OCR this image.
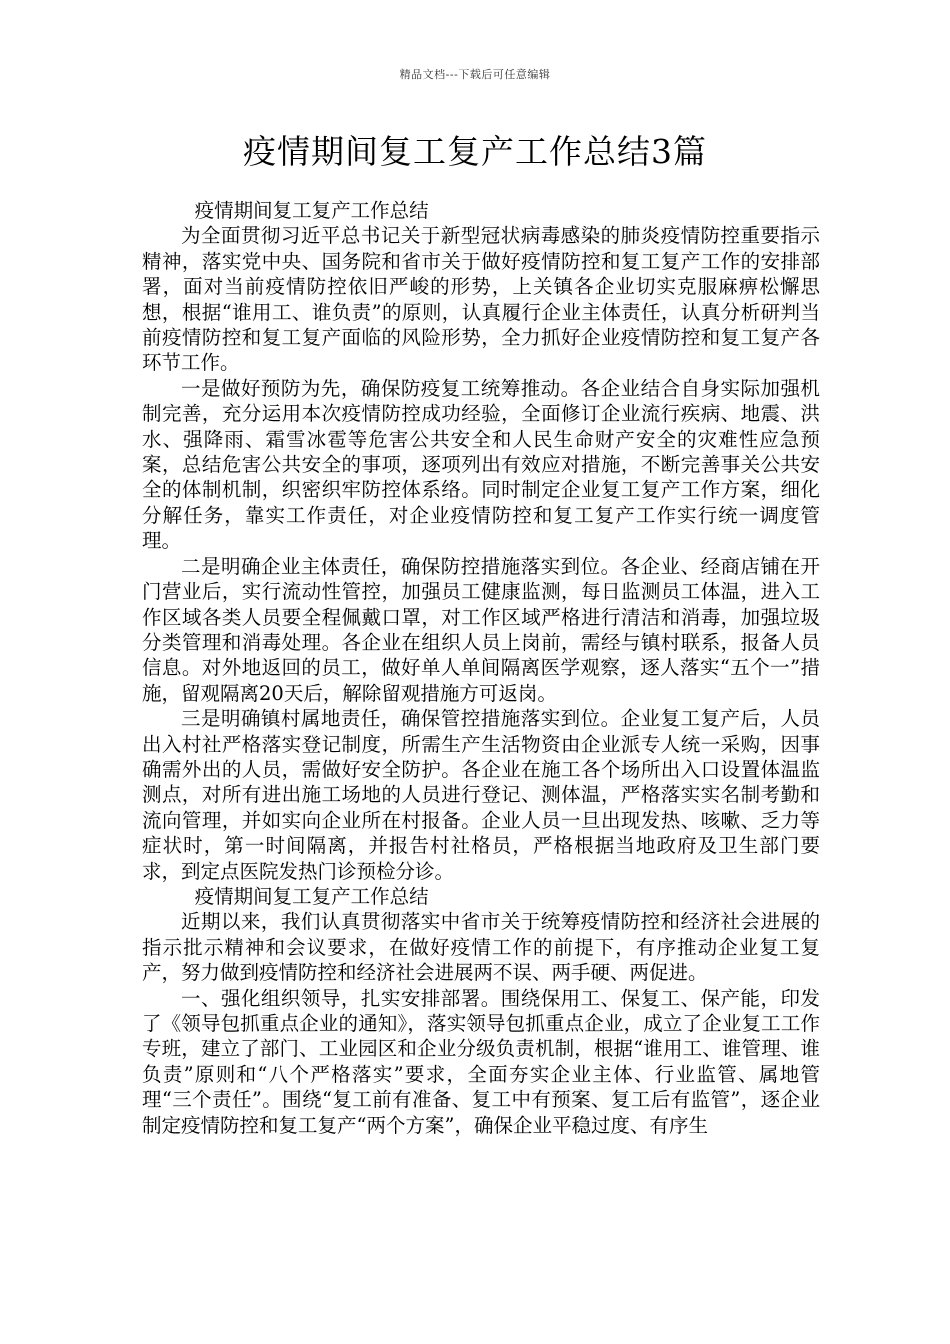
精品文档---下载后可任意编辑
疫情期间复工复产工作总结3篇

疫情期间复工复产工作总结

为全面贯彻习近平总书记关于新型冠状病毒感染的肺炎疫情防控重要指示精神，落实党中央、国务院和省市关于做好疫情防控和复工复产工作的安排部署，面对当前疫情防控依旧严峻的形势，上关镇各企业切实克服麻痹松懈思想，根据“谁用工、谁负责”的原则，认真履行企业主体责任，认真分析研判当前疫情防控和复工复产面临的风险形势，全力抓好企业疫情防控和复工复产各环节工作。

一是做好预防为先，确保防疫复工统筹推动。各企业结合自身实际加强机制完善，充分运用本次疫情防控成功经验，全面修订企业流行疾病、地震、洪水、强降雨、霜雪冰雹等危害公共安全和人民生命财产安全的灾难性应急预案，总结危害公共安全的事项，逐项列出有效应对措施，不断完善事关公共安全的体制机制，织密织牢防控体系络。同时制定企业复工复产工作方案，细化分解任务，靠实工作责任，对企业疫情防控和复工复产工作实行统一调度管理。

二是明确企业主体责任，确保防控措施落实到位。各企业、经商店铺在开门营业后，实行流动性管控，加强员工健康监测，每日监测员工体温，进入工作区域各类人员要全程佩戴口罩，对工作区域严格进行清洁和消毒，加强垃圾分类管理和消毒处理。各企业在组织人员上岗前，需经与镇村联系，报备人员信息。对外地返回的员工，做好单人单间隔离医学观察，逐人落实“五个一”措施，留观隔离20天后，解除留观措施方可返岗。

三是明确镇村属地责任，确保管控措施落实到位。企业复工复产后，人员出入村社严格落实登记制度，所需生产生活物资由企业派专人统一采购，因事确需外出的人员，需做好安全防护。各企业在施工各个场所出入口设置体温监测点，对所有进出施工场地的人员进行登记、测体温，严格落实实名制考勤和流向管理，并如实向企业所在村报备。企业人员一旦出现发热、咳嗽、乏力等症状时，第一时间隔离，并报告村社格员，严格根据当地政府及卫生部门要求，到定点医院发热门诊预检分诊。

疫情期间复工复产工作总结

近期以来，我们认真贯彻落实中省市关于统筹疫情防控和经济社会进展的指示批示精神和会议要求，在做好疫情工作的前提下，有序推动企业复工复产，努力做到疫情防控和经济社会进展两不误、两手硬、两促进。

一、强化组织领导，扎实安排部署。围绕保用工、保复工、保产能，印发了《领导包抓重点企业的通知》，落实领导包抓重点企业，成立了企业复工工作专班，建立了部门、工业园区和企业分级负责机制，根据“谁用工、谁管理、谁负责”原则和“八个严格落实”要求，全面夯实企业主体、行业监管、属地管理“三个责任”。围绕“复工前有准备、复工中有预案、复工后有监管”，逐企业制定疫情防控和复工复产“两个方案”，确保企业平稳过度、有序生
